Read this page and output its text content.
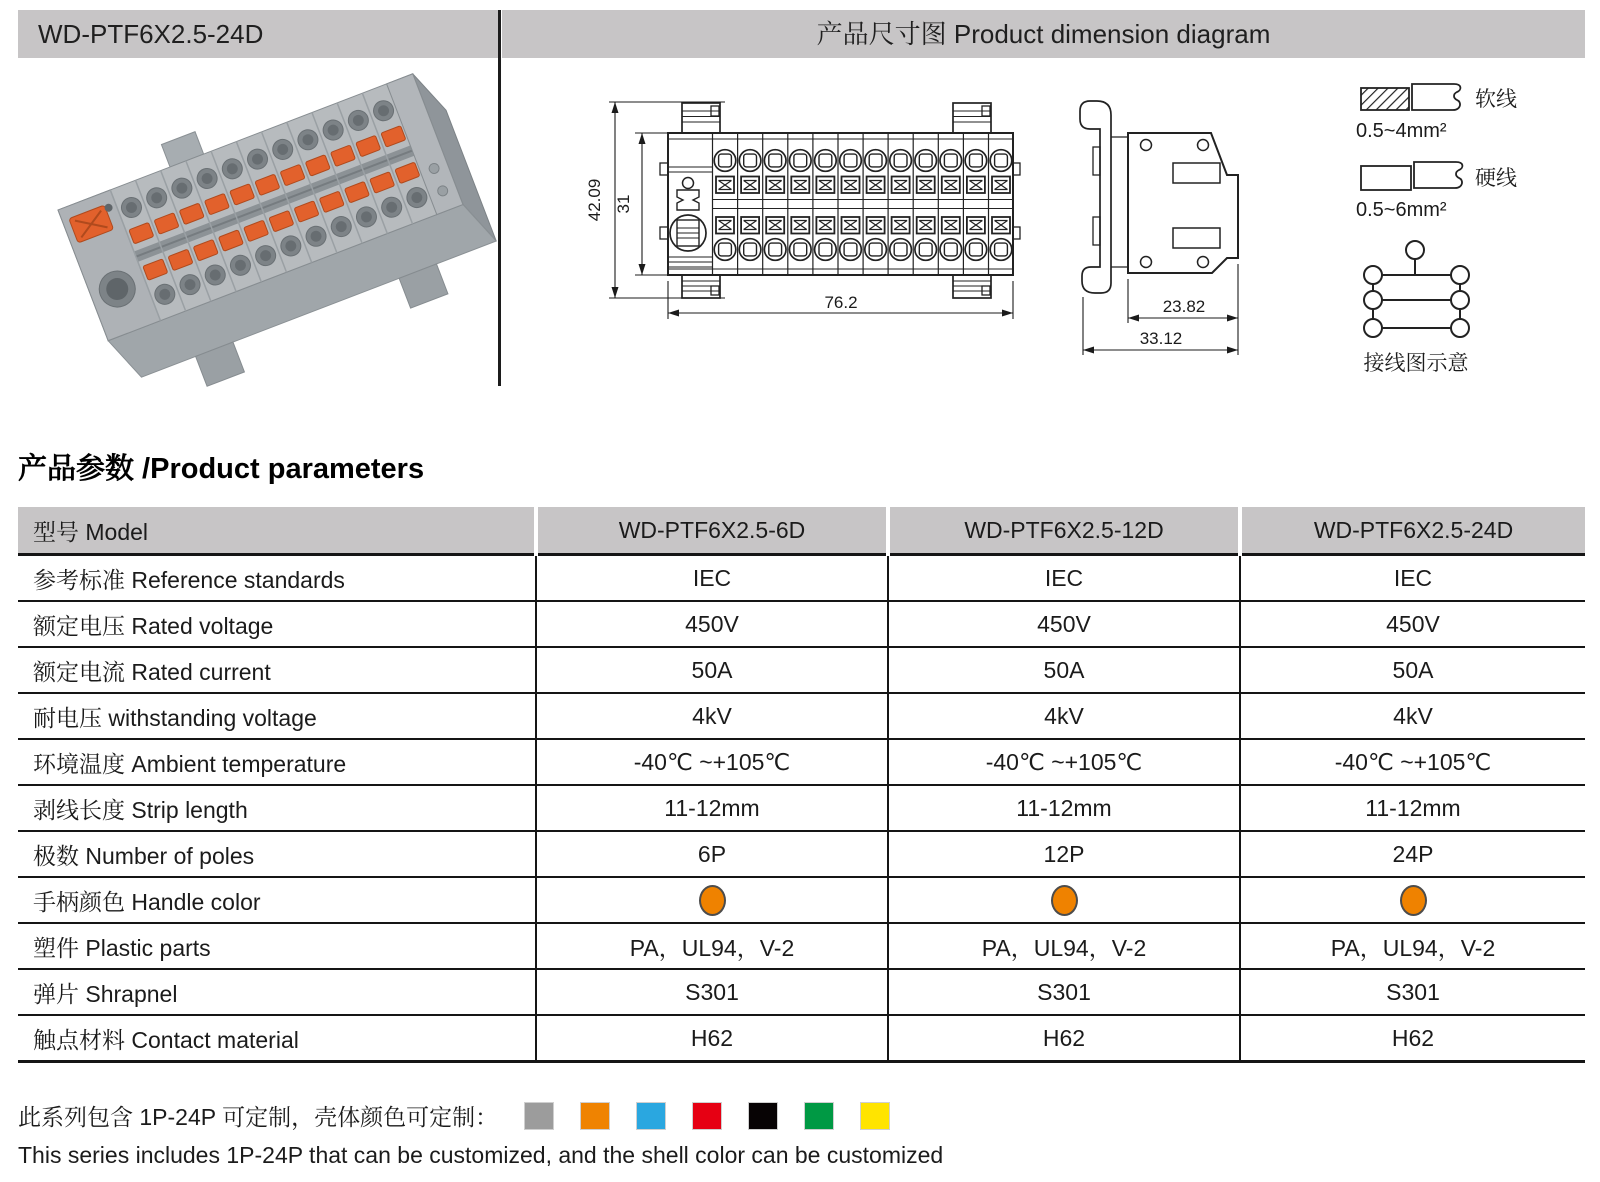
WD-PTF6X2.5-24D	产品尺寸图 Product dimension diagram
42.09 31
76.2	23.82
33.12
软线
0.5~4mm²
硬线
0.5~6mm²
接线图示意
产品参数 /Product parameters
型号 Model	WD-PTF6X2.5-6D	WD-PTF6X2.5-12D	WD-PTF6X2.5-24D
参考标准 Reference standards	IEC	IEC	IEC
额定电压 Rated voltage	450V	450V	450V
额定电流 Rated current	50A	50A	50A
耐电压 withstanding voltage	4kV	4kV	4kV
环境温度 Ambient temperature	-40℃ ~+105℃	-40℃ ~+105℃	-40℃ ~+105℃
剥线长度 Strip length	11-12mm	11-12mm	11-12mm
极数 Number of poles	6P	12P	24P
手柄颜色 Handle color			
塑件 Plastic parts	PA，UL94，V-2	PA，UL94，V-2	PA，UL94，V-2
弹片 Shrapnel	S301	S301	S301
触点材料 Contact material	H62	H62	H62
此系列包含 1P-24P 可定制，壳体颜色可定制：
This series includes 1P-24P that can be customized, and the shell color can be customized
